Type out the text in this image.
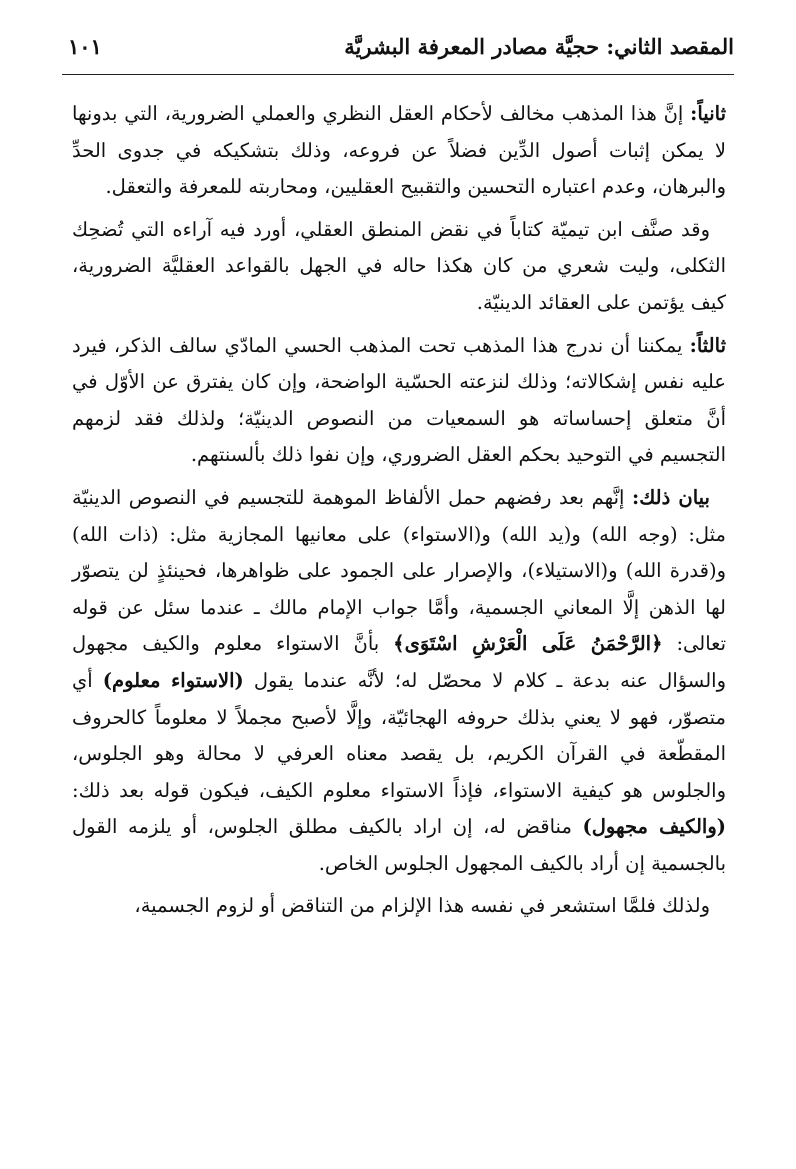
المقصد الثاني: حجيَّة مصادر المعرفة البشريَّة
١٠١

ثانياً: إنَّ هذا المذهب مخالف لأحكام العقل النظري والعملي الضرورية، التي بدونها لا يمكن إثبات أصول الدِّين فضلاً عن فروعه، وذلك بتشكيكه في جدوى الحدِّ والبرهان، وعدم اعتباره التحسين والتقبيح العقليين، ومحاربته للمعرفة والتعقل.

وقد صنَّف ابن تيميّة كتاباً في نقض المنطق العقلي، أورد فيه آراءه التي تُضحِك الثكلى، وليت شعري من كان هكذا حاله في الجهل بالقواعد العقليَّة الضرورية، كيف يؤتمن على العقائد الدينيّة.

ثالثاً: يمكننا أن ندرج هذا المذهب تحت المذهب الحسي المادّي سالف الذكر، فيرد عليه نفس إشكالاته؛ وذلك لنزعته الحسّية الواضحة، وإن كان يفترق عن الأوّل في أنَّ متعلق إحساساته هو السمعيات من النصوص الدينيّة؛ ولذلك فقد لزمهم التجسيم في التوحيد بحكم العقل الضروري، وإن نفوا ذلك بألسنتهم.

بيان ذلك: إنَّهم بعد رفضهم حمل الألفاظ الموهمة للتجسيم في النصوص الدينيّة مثل: (وجه الله) و(يد الله) و(الاستواء) على معانيها المجازية مثل: (ذات الله) و(قدرة الله) و(الاستيلاء)، والإصرار على الجمود على ظواهرها، فحينئذٍ لن يتصوّر لها الذهن إلَّا المعاني الجسمية، وأمَّا جواب الإمام مالك ـ عندما سئل عن قوله تعالى: ﴿الرَّحْمَنُ عَلَى الْعَرْشِ اسْتَوَى﴾ بأنَّ الاستواء معلوم والكيف مجهول والسؤال عنه بدعة ـ كلام لا محصّل له؛ لأنَّه عندما يقول (الاستواء معلوم) أي متصوّر، فهو لا يعني بذلك حروفه الهجائيّة، وإلَّا لأصبح مجملاً لا معلوماً كالحروف المقطّعة في القرآن الكريم، بل يقصد معناه العرفي لا محالة وهو الجلوس، والجلوس هو كيفية الاستواء، فإذاً الاستواء معلوم الكيف، فيكون قوله بعد ذلك: (والكيف مجهول) مناقض له، إن اراد بالكيف مطلق الجلوس، أو يلزمه القول بالجسمية إن أراد بالكيف المجهول الجلوس الخاص.

ولذلك فلمَّا استشعر في نفسه هذا الإلزام من التناقض أو لزوم الجسمية،
